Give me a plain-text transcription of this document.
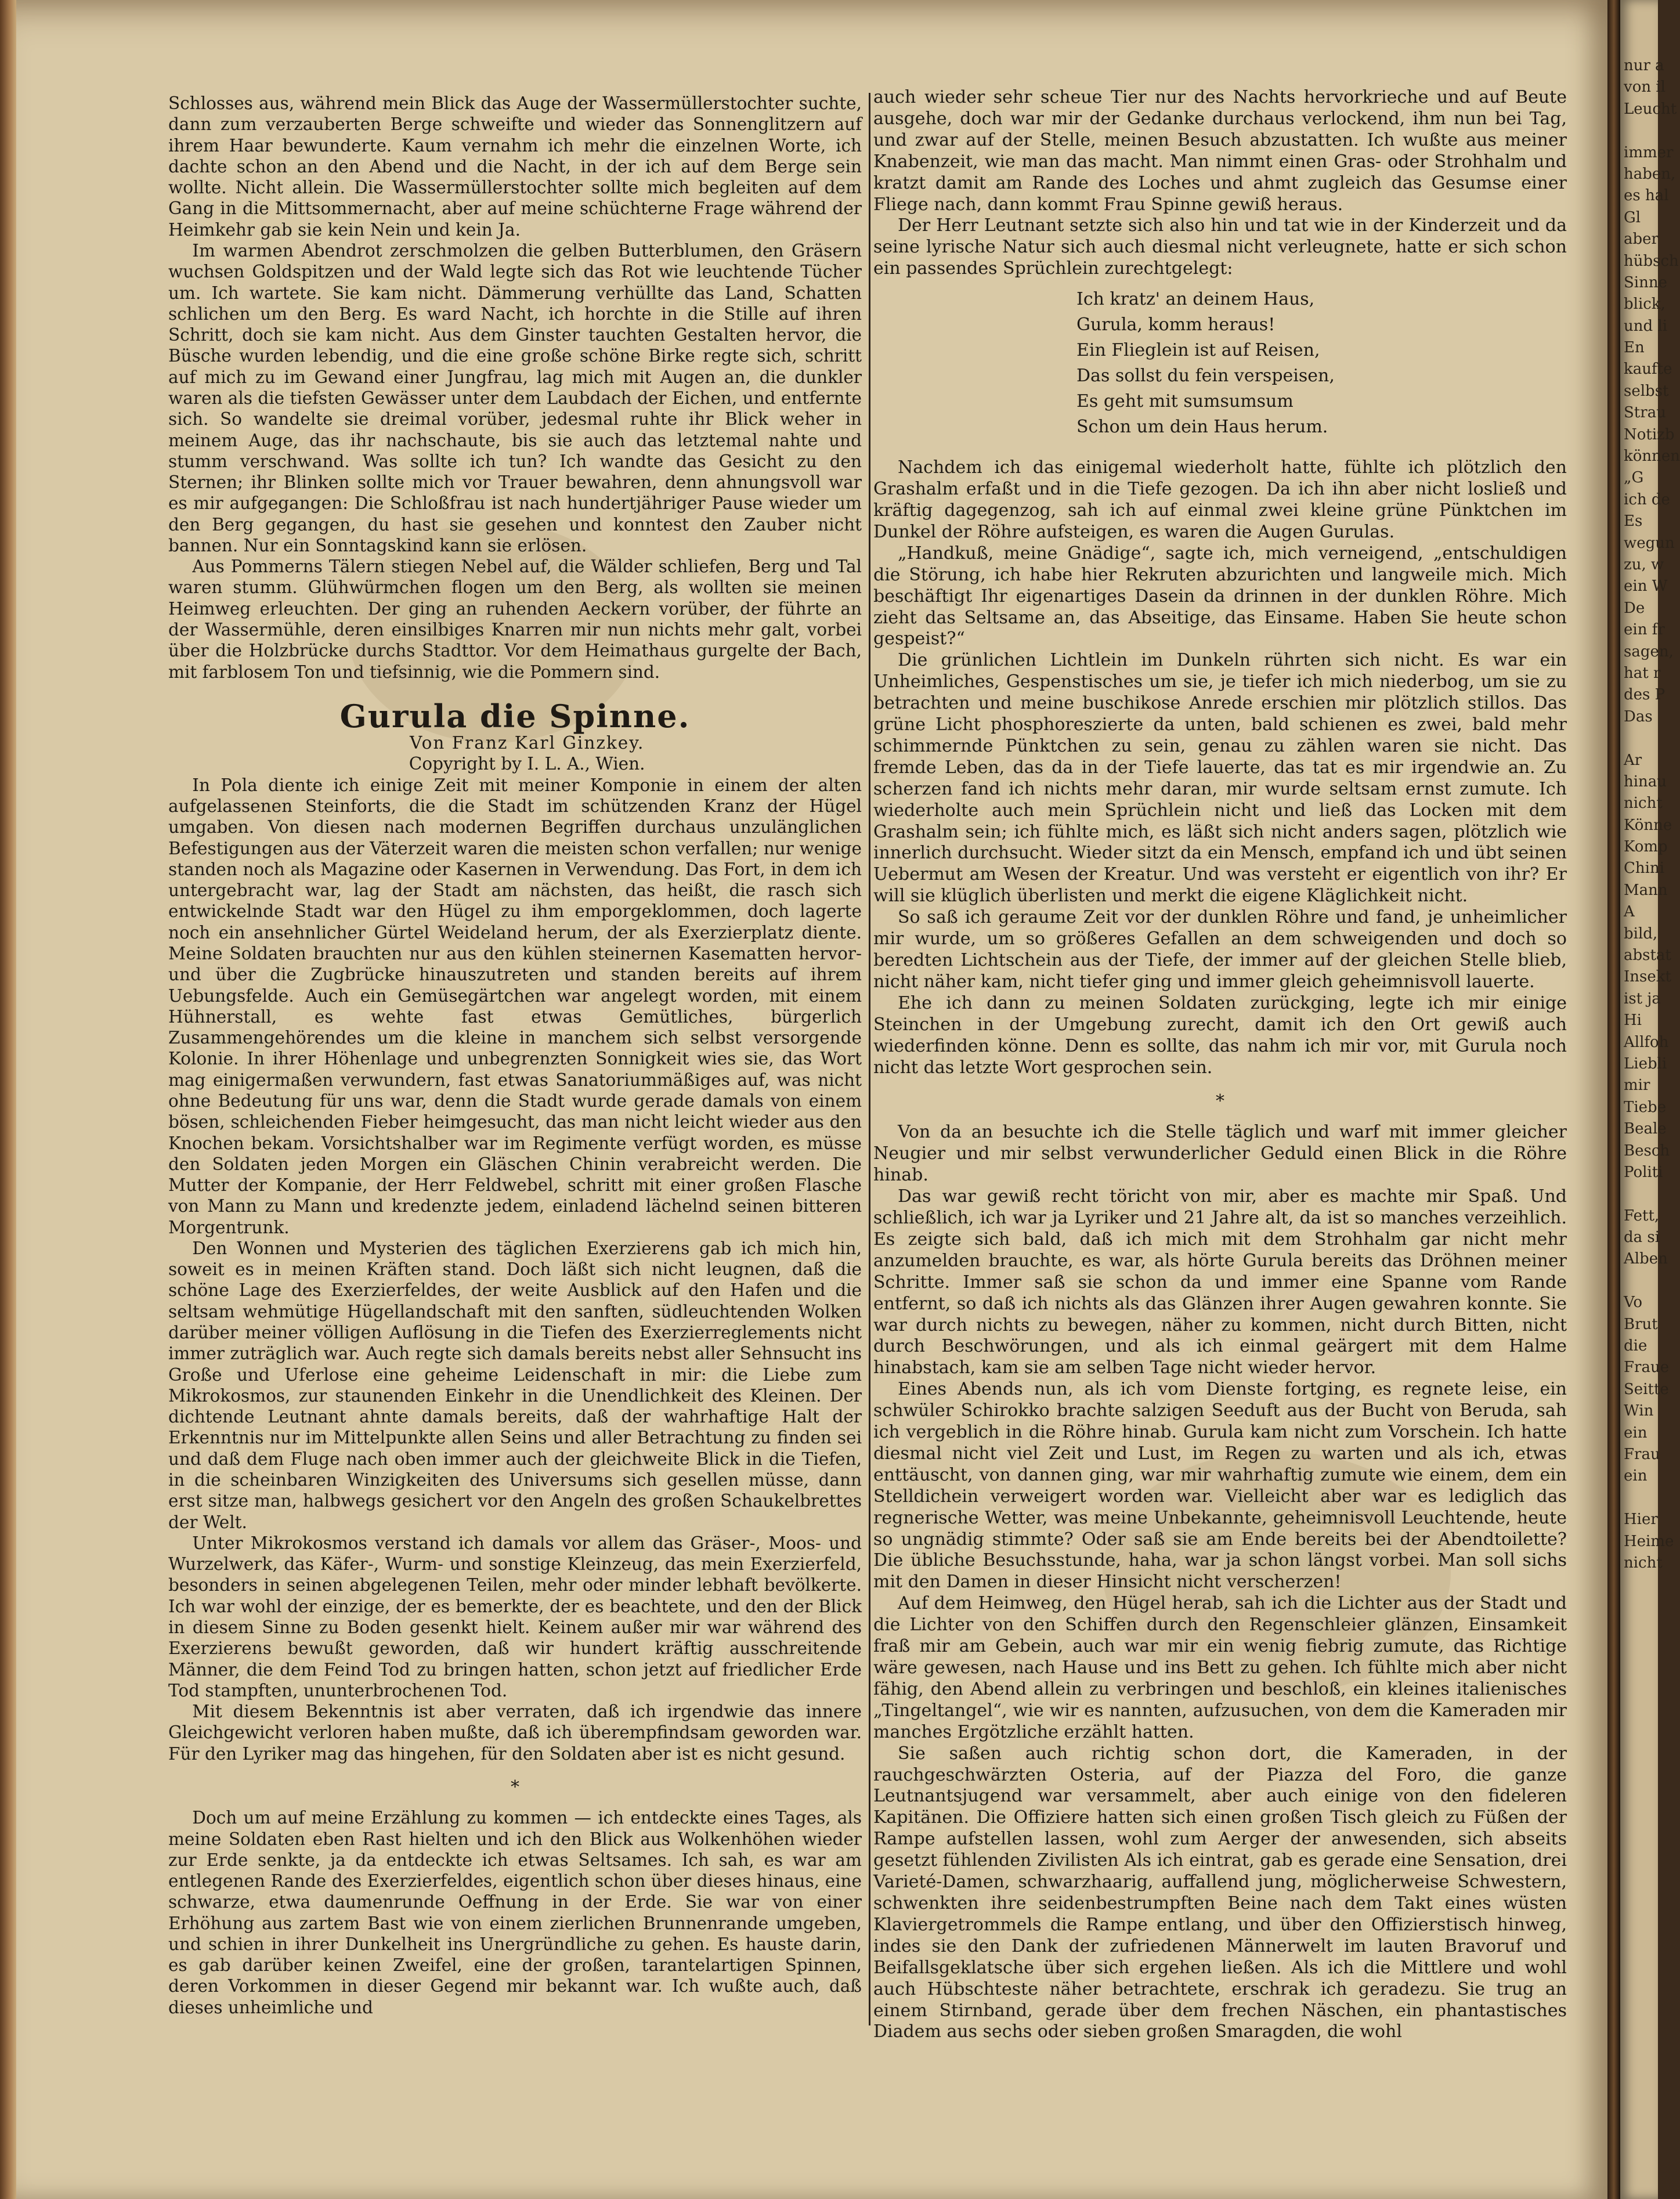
Schlosses aus, während mein Blick das Auge der Wassermüllerstochter suchte, dann zum verzauberten Berge schweifte und wieder das Sonnenglitzern auf ihrem Haar bewunderte. Kaum vernahm ich mehr die einzelnen Worte, ich dachte schon an den Abend und die Nacht, in der ich auf dem Berge sein wollte. Nicht allein. Die Wassermüllerstochter sollte mich begleiten auf dem Gang in die Mittsommernacht, aber auf meine schüchterne Frage während der Heimkehr gab sie kein Nein und kein Ja.

Im warmen Abendrot zerschmolzen die gelben Butterblumen, den Gräsern wuchsen Goldspitzen und der Wald legte sich das Rot wie leuchtende Tücher um. Ich wartete. Sie kam nicht. Dämmerung verhüllte das Land, Schatten schlichen um den Berg. Es ward Nacht, ich horchte in die Stille auf ihren Schritt, doch sie kam nicht. Aus dem Ginster tauchten Gestalten hervor, die Büsche wurden lebendig, und die eine große schöne Birke regte sich, schritt auf mich zu im Gewand einer Jungfrau, lag mich mit Augen an, die dunkler waren als die tiefsten Gewässer unter dem Laubdach der Eichen, und entfernte sich. So wandelte sie dreimal vorüber, jedesmal ruhte ihr Blick weher in meinem Auge, das ihr nachschaute, bis sie auch das letztemal nahte und stumm verschwand. Was sollte ich tun? Ich wandte das Gesicht zu den Sternen; ihr Blinken sollte mich vor Trauer bewahren, denn ahnungsvoll war es mir aufgegangen: Die Schloßfrau ist nach hundertjähriger Pause wieder um den Berg gegangen, du hast sie gesehen und konntest den Zauber nicht bannen. Nur ein Sonntagskind kann sie erlösen.

Aus Pommerns Tälern stiegen Nebel auf, die Wälder schliefen, Berg und Tal waren stumm. Glühwürmchen flogen um den Berg, als wollten sie meinen Heimweg erleuchten. Der ging an ruhenden Aeckern vorüber, der führte an der Wassermühle, deren einsilbiges Knarren mir nun nichts mehr galt, vorbei über die Holzbrücke durchs Stadttor. Vor dem Heimathaus gurgelte der Bach, mit farblosem Ton und tiefsinnig, wie die Pommern sind.

Gurula die Spinne.

Von Franz Karl Ginzkey.

Copyright by I. L. A., Wien.

In Pola diente ich einige Zeit mit meiner Komponie in einem der alten aufgelassenen Steinforts, die die Stadt im schützenden Kranz der Hügel umgaben. Von diesen nach modernen Begriffen durchaus unzulänglichen Befestigungen aus der Väterzeit waren die meisten schon verfallen; nur wenige standen noch als Magazine oder Kasernen in Verwendung. Das Fort, in dem ich untergebracht war, lag der Stadt am nächsten, das heißt, die rasch sich entwickelnde Stadt war den Hügel zu ihm emporgeklommen, doch lagerte noch ein ansehnlicher Gürtel Weideland herum, der als Exerzierplatz diente. Meine Soldaten brauchten nur aus den kühlen steinernen Kasematten hervor- und über die Zugbrücke hinauszutreten und standen bereits auf ihrem Uebungsfelde. Auch ein Gemüsegärtchen war angelegt worden, mit einem Hühnerstall, es wehte fast etwas Gemütliches, bürgerlich Zusammengehörendes um die kleine in manchem sich selbst versorgende Kolonie. In ihrer Höhenlage und unbegrenzten Sonnigkeit wies sie, das Wort mag einigermaßen verwundern, fast etwas Sanatoriummäßiges auf, was nicht ohne Bedeutung für uns war, denn die Stadt wurde gerade damals von einem bösen, schleichenden Fieber heimgesucht, das man nicht leicht wieder aus den Knochen bekam. Vorsichtshalber war im Regimente verfügt worden, es müsse den Soldaten jeden Morgen ein Gläschen Chinin verabreicht werden. Die Mutter der Kompanie, der Herr Feldwebel, schritt mit einer großen Flasche von Mann zu Mann und kredenzte jedem, einladend lächelnd seinen bitteren Morgentrunk.

Den Wonnen und Mysterien des täglichen Exerzierens gab ich mich hin, soweit es in meinen Kräften stand. Doch läßt sich nicht leugnen, daß die schöne Lage des Exerzierfeldes, der weite Ausblick auf den Hafen und die seltsam wehmütige Hügellandschaft mit den sanften, südleuchtenden Wolken darüber meiner völligen Auflösung in die Tiefen des Exerzierreglements nicht immer zuträglich war. Auch regte sich damals bereits nebst aller Sehnsucht ins Große und Uferlose eine geheime Leidenschaft in mir: die Liebe zum Mikrokosmos, zur staunenden Einkehr in die Unendlichkeit des Kleinen. Der dichtende Leutnant ahnte damals bereits, daß der wahrhaftige Halt der Erkenntnis nur im Mittelpunkte allen Seins und aller Betrachtung zu finden sei und daß dem Fluge nach oben immer auch der gleichweite Blick in die Tiefen, in die scheinbaren Winzigkeiten des Universums sich gesellen müsse, dann erst sitze man, halbwegs gesichert vor den Angeln des großen Schaukelbrettes der Welt.

Unter Mikrokosmos verstand ich damals vor allem das Gräser-, Moos- und Wurzelwerk, das Käfer-, Wurm- und sonstige Kleinzeug, das mein Exerzierfeld, besonders in seinen abgelegenen Teilen, mehr oder minder lebhaft bevölkerte. Ich war wohl der einzige, der es bemerkte, der es beachtete, und den der Blick in diesem Sinne zu Boden gesenkt hielt. Keinem außer mir war während des Exerzierens bewußt geworden, daß wir hundert kräftig ausschreitende Männer, die dem Feind Tod zu bringen hatten, schon jetzt auf friedlicher Erde Tod stampften, ununterbrochenen Tod.

Mit diesem Bekenntnis ist aber verraten, daß ich irgendwie das innere Gleichgewicht verloren haben mußte, daß ich überempfindsam geworden war. Für den Lyriker mag das hingehen, für den Soldaten aber ist es nicht gesund.

*

Doch um auf meine Erzählung zu kommen — ich entdeckte eines Tages, als meine Soldaten eben Rast hielten und ich den Blick aus Wolkenhöhen wieder zur Erde senkte, ja da entdeckte ich etwas Seltsames. Ich sah, es war am entlegenen Rande des Exerzierfeldes, eigentlich schon über dieses hinaus, eine schwarze, etwa daumenrunde Oeffnung in der Erde. Sie war von einer Erhöhung aus zartem Bast wie von einem zierlichen Brunnenrande umgeben, und schien in ihrer Dunkelheit ins Unergründliche zu gehen. Es hauste darin, es gab darüber keinen Zweifel, eine der großen, tarantelartigen Spinnen, deren Vorkommen in dieser Gegend mir bekannt war. Ich wußte auch, daß dieses unheimliche und

auch wieder sehr scheue Tier nur des Nachts hervorkrieche und auf Beute ausgehe, doch war mir der Gedanke durchaus verlockend, ihm nun bei Tag, und zwar auf der Stelle, meinen Besuch abzustatten. Ich wußte aus meiner Knabenzeit, wie man das macht. Man nimmt einen Gras- oder Strohhalm und kratzt damit am Rande des Loches und ahmt zugleich das Gesumse einer Fliege nach, dann kommt Frau Spinne gewiß heraus.

Der Herr Leutnant setzte sich also hin und tat wie in der Kinderzeit und da seine lyrische Natur sich auch diesmal nicht verleugnete, hatte er sich schon ein passendes Sprüchlein zurechtgelegt:

Ich kratz' an deinem Haus,
Gurula, komm heraus!
Ein Flieglein ist auf Reisen,
Das sollst du fein verspeisen,
Es geht mit sumsumsum
Schon um dein Haus herum.

Nachdem ich das einigemal wiederholt hatte, fühlte ich plötzlich den Grashalm erfaßt und in die Tiefe gezogen. Da ich ihn aber nicht losließ und kräftig dagegenzog, sah ich auf einmal zwei kleine grüne Pünktchen im Dunkel der Röhre aufsteigen, es waren die Augen Gurulas.

„Handkuß, meine Gnädige“, sagte ich, mich verneigend, „entschuldigen die Störung, ich habe hier Rekruten abzurichten und langweile mich. Mich beschäftigt Ihr eigenartiges Dasein da drinnen in der dunklen Röhre. Mich zieht das Seltsame an, das Abseitige, das Einsame. Haben Sie heute schon gespeist?“

Die grünlichen Lichtlein im Dunkeln rührten sich nicht. Es war ein Unheimliches, Gespenstisches um sie, je tiefer ich mich niederbog, um sie zu betrachten und meine buschikose Anrede erschien mir plötzlich stillos. Das grüne Licht phosphoreszierte da unten, bald schienen es zwei, bald mehr schimmernde Pünktchen zu sein, genau zu zählen waren sie nicht. Das fremde Leben, das da in der Tiefe lauerte, das tat es mir irgendwie an. Zu scherzen fand ich nichts mehr daran, mir wurde seltsam ernst zumute. Ich wiederholte auch mein Sprüchlein nicht und ließ das Locken mit dem Grashalm sein; ich fühlte mich, es läßt sich nicht anders sagen, plötzlich wie innerlich durchsucht. Wieder sitzt da ein Mensch, empfand ich und übt seinen Uebermut am Wesen der Kreatur. Und was versteht er eigentlich von ihr? Er will sie klüglich überlisten und merkt die eigene Kläglichkeit nicht.

So saß ich geraume Zeit vor der dunklen Röhre und fand, je unheimlicher mir wurde, um so größeres Gefallen an dem schweigenden und doch so beredten Lichtschein aus der Tiefe, der immer auf der gleichen Stelle blieb, nicht näher kam, nicht tiefer ging und immer gleich geheimnisvoll lauerte.

Ehe ich dann zu meinen Soldaten zurückging, legte ich mir einige Steinchen in der Umgebung zurecht, damit ich den Ort gewiß auch wiederfinden könne. Denn es sollte, das nahm ich mir vor, mit Gurula noch nicht das letzte Wort gesprochen sein.

*

Von da an besuchte ich die Stelle täglich und warf mit immer gleicher Neugier und mir selbst verwunderlicher Geduld einen Blick in die Röhre hinab.

Das war gewiß recht töricht von mir, aber es machte mir Spaß. Und schließlich, ich war ja Lyriker und 21 Jahre alt, da ist so manches verzeihlich. Es zeigte sich bald, daß ich mich mit dem Strohhalm gar nicht mehr anzumelden brauchte, es war, als hörte Gurula bereits das Dröhnen meiner Schritte. Immer saß sie schon da und immer eine Spanne vom Rande entfernt, so daß ich nichts als das Glänzen ihrer Augen gewahren konnte. Sie war durch nichts zu bewegen, näher zu kommen, nicht durch Bitten, nicht durch Beschwörungen, und als ich einmal geärgert mit dem Halme hinabstach, kam sie am selben Tage nicht wieder hervor.

Eines Abends nun, als ich vom Dienste fortging, es regnete leise, ein schwüler Schirokko brachte salzigen Seeduft aus der Bucht von Beruda, sah ich vergeblich in die Röhre hinab. Gurula kam nicht zum Vorschein. Ich hatte diesmal nicht viel Zeit und Lust, im Regen zu warten und als ich, etwas enttäuscht, von dannen ging, war mir wahrhaftig zumute wie einem, dem ein Stelldichein verweigert worden war. Vielleicht aber war es lediglich das regnerische Wetter, was meine Unbekannte, geheimnisvoll Leuchtende, heute so ungnädig stimmte? Oder saß sie am Ende bereits bei der Abendtoilette? Die übliche Besuchsstunde, haha, war ja schon längst vorbei. Man soll sichs mit den Damen in dieser Hinsicht nicht verscherzen!

Auf dem Heimweg, den Hügel herab, sah ich die Lichter aus der Stadt und die Lichter von den Schiffen durch den Regenschleier glänzen, Einsamkeit fraß mir am Gebein, auch war mir ein wenig fiebrig zumute, das Richtige wäre gewesen, nach Hause und ins Bett zu gehen. Ich fühlte mich aber nicht fähig, den Abend allein zu verbringen und beschloß, ein kleines italienisches „Tingeltangel“, wie wir es nannten, aufzusuchen, von dem die Kameraden mir manches Ergötzliche erzählt hatten.

Sie saßen auch richtig schon dort, die Kameraden, in der rauchgeschwärzten Osteria, auf der Piazza del Foro, die ganze Leutnantsjugend war versammelt, aber auch einige von den fideleren Kapitänen. Die Offiziere hatten sich einen großen Tisch gleich zu Füßen der Rampe aufstellen lassen, wohl zum Aerger der anwesenden, sich abseits gesetzt fühlenden Zivilisten Als ich eintrat, gab es gerade eine Sensation, drei Varieté-Damen, schwarzhaarig, auffallend jung, möglicherweise Schwestern, schwenkten ihre seidenbestrumpften Beine nach dem Takt eines wüsten Klaviergetrommels die Rampe entlang, und über den Offizierstisch hinweg, indes sie den Dank der zufriedenen Männerwelt im lauten Bravoruf und Beifallsgeklatsche über sich ergehen ließen. Als ich die Mittlere und wohl auch Hübschteste näher betrachtete, erschrak ich geradezu. Sie trug an einem Stirnband, gerade über dem frechen Näschen, ein phantastisches Diadem aus sechs oder sieben großen Smaragden, die wohl

nur a
von il
Leucht
immer
haben,
es hal
Gl
aber
hübsch
Sinne
blick,
und li
En
kaufte
selbst
Strau
Notizb
können
„G
ich de
Es
wegun
zu, w
ein W
De
ein fr
sagen,
hat r
des P
Das
Ar
hinau
nicht
Könne
Komp
Chini
Mann
A
bild,
abstat
Insekt
ist ja
Hi
Allfoh
Liebli
mir
Tiebe
Beale
Besch
Politi
Fett,
da si
Alben
Vo
Brut
die
Fraue
Seitte
Win
ein
Frau
ein
Hier
Heime
nicht
